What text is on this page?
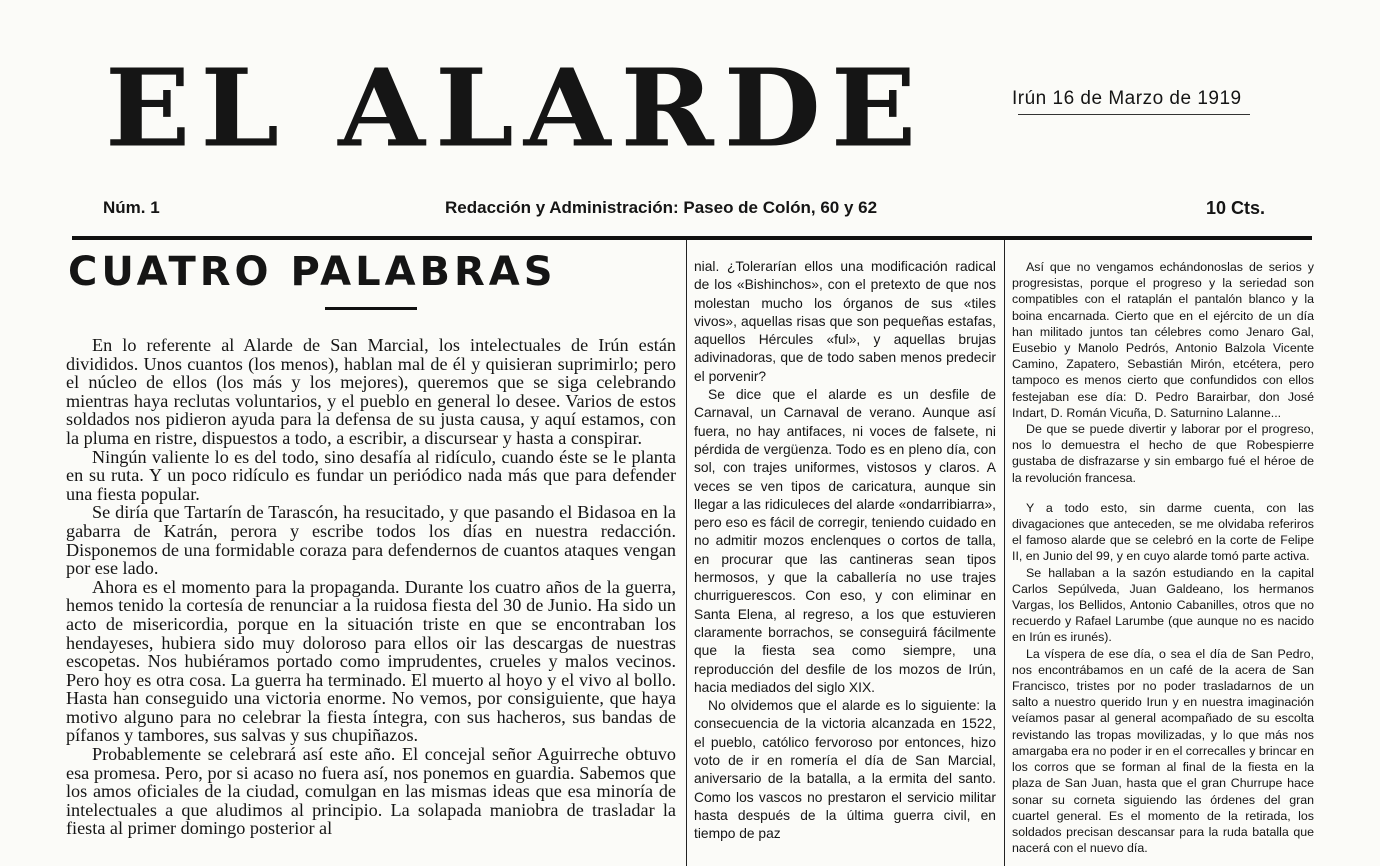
EL ALARDE	Irún 16 de Marzo de 1919
Núm. 1	Redacción y Administración: Paseo de Colón, 60 y 62	10 Cts.
CUATRO PALABRAS

En lo referente al Alarde de San Marcial, los intelectuales de Irún están divididos. Unos cuantos (los menos), hablan mal de él y quisieran suprimirlo; pero el núcleo de ellos (los más y los mejores), queremos que se siga celebrando mientras haya reclutas voluntarios, y el pueblo en general lo desee. Varios de estos soldados nos pidieron ayuda para la defensa de su justa causa, y aquí estamos, con la pluma en ristre, dispuestos a todo, a escribir, a discursear y hasta a conspirar.

Ningún valiente lo es del todo, sino desafía al ridículo, cuando éste se le planta en su ruta. Y un poco ridículo es fundar un periódico nada más que para defender una fiesta popular.

Se diría que Tartarín de Tarascón, ha resucitado, y que pasando el Bidasoa en la gabarra de Katrán, perora y escribe todos los días en nuestra redacción. Disponemos de una formidable coraza para defendernos de cuantos ataques vengan por ese lado.

Ahora es el momento para la propaganda. Durante los cuatro años de la guerra, hemos tenido la cortesía de renunciar a la ruidosa fiesta del 30 de Junio. Ha sido un acto de misericordia, porque en la situación triste en que se encontraban los hendayeses, hubiera sido muy doloroso para ellos oir las descargas de nuestras escopetas. Nos hubiéramos portado como imprudentes, crueles y malos vecinos. Pero hoy es otra cosa. La guerra ha terminado. El muerto al hoyo y el vivo al bollo. Hasta han conseguido una victoria enorme. No vemos, por consiguiente, que haya motivo alguno para no celebrar la fiesta íntegra, con sus hacheros, sus bandas de pífanos y tambores, sus salvas y sus chupiñazos.

Probablemente se celebrará así este año. El concejal señor Aguirreche obtuvo esa promesa. Pero, por si acaso no fuera así, nos ponemos en guardia. Sabemos que los amos oficiales de la ciudad, comulgan en las mismas ideas que esa minoría de intelectuales a que aludimos al principio. La solapada maniobra de trasladar la fiesta al primer domingo posterior al

nial. ¿Tolerarían ellos una modificación radical de los «Bishinchos», con el pretexto de que nos molestan mucho los órganos de sus «tiles vivos», aquellas risas que son pequeñas estafas, aquellos Hércules «ful», y aquellas brujas adivinadoras, que de todo saben menos predecir el porvenir?

Se dice que el alarde es un desfile de Carnaval, un Carnaval de verano. Aunque así fuera, no hay antifaces, ni voces de falsete, ni pérdida de vergüenza. Todo es en pleno día, con sol, con trajes uniformes, vistosos y claros. A veces se ven tipos de caricatura, aunque sin llegar a las ridiculeces del alarde «ondarribiarra», pero eso es fácil de corregir, teniendo cuidado en no admitir mozos enclenques o cortos de talla, en procurar que las cantineras sean tipos hermosos, y que la caballería no use trajes churriguerescos. Con eso, y con eliminar en Santa Elena, al regreso, a los que estuvieren claramente borrachos, se conseguirá fácilmente que la fiesta sea como siempre, una reproducción del desfile de los mozos de Irún, hacia mediados del siglo XIX.

No olvidemos que el alarde es lo siguiente: la consecuencia de la victoria alcanzada en 1522, el pueblo, católico fervoroso por entonces, hizo voto de ir en romería el día de San Marcial, aniversario de la batalla, a la ermita del santo. Como los vascos no prestaron el servicio militar hasta después de la última guerra civil, en tiempo de paz

Así que no vengamos echándonoslas de serios y progresistas, porque el progreso y la seriedad son compatibles con el rataplán el pantalón blanco y la boina encarnada. Cierto que en el ejército de un día han militado juntos tan célebres como Jenaro Gal, Eusebio y Manolo Pedrós, Antonio Balzola Vicente Camino, Zapatero, Sebastián Mirón, etcétera, pero tampoco es menos cierto que confundidos con ellos festejaban ese día: D. Pedro Barairbar, don José Indart, D. Román Vicuña, D. Saturnino Lalanne...

De que se puede divertir y laborar por el progreso, nos lo demuestra el hecho de que Robespierre gustaba de disfrazarse y sin embargo fué el héroe de la revolución francesa.

Y a todo esto, sin darme cuenta, con las divagaciones que anteceden, se me olvidaba referiros el famoso alarde que se celebró en la corte de Felipe II, en Junio del 99, y en cuyo alarde tomó parte activa.

Se hallaban a la sazón estudiando en la capital Carlos Sepúlveda, Juan Galdeano, los hermanos Vargas, los Bellidos, Antonio Cabanilles, otros que no recuerdo y Rafael Larumbe (que aunque no es nacido en Irún es irunés).

La víspera de ese día, o sea el día de San Pedro, nos encontrábamos en un café de la acera de San Francisco, tristes por no poder trasladarnos de un salto a nuestro querido Irun y en nuestra imaginación veíamos pasar al general acompañado de su escolta revistando las tropas movilizadas, y lo que más nos amargaba era no poder ir en el correcalles y brincar en los corros que se forman al final de la fiesta en la plaza de San Juan, hasta que el gran Churrupe hace sonar su corneta siguiendo las órdenes del gran cuartel general. Es el momento de la retirada, los soldados precisan descansar para la ruda batalla que nacerá con el nuevo día.
